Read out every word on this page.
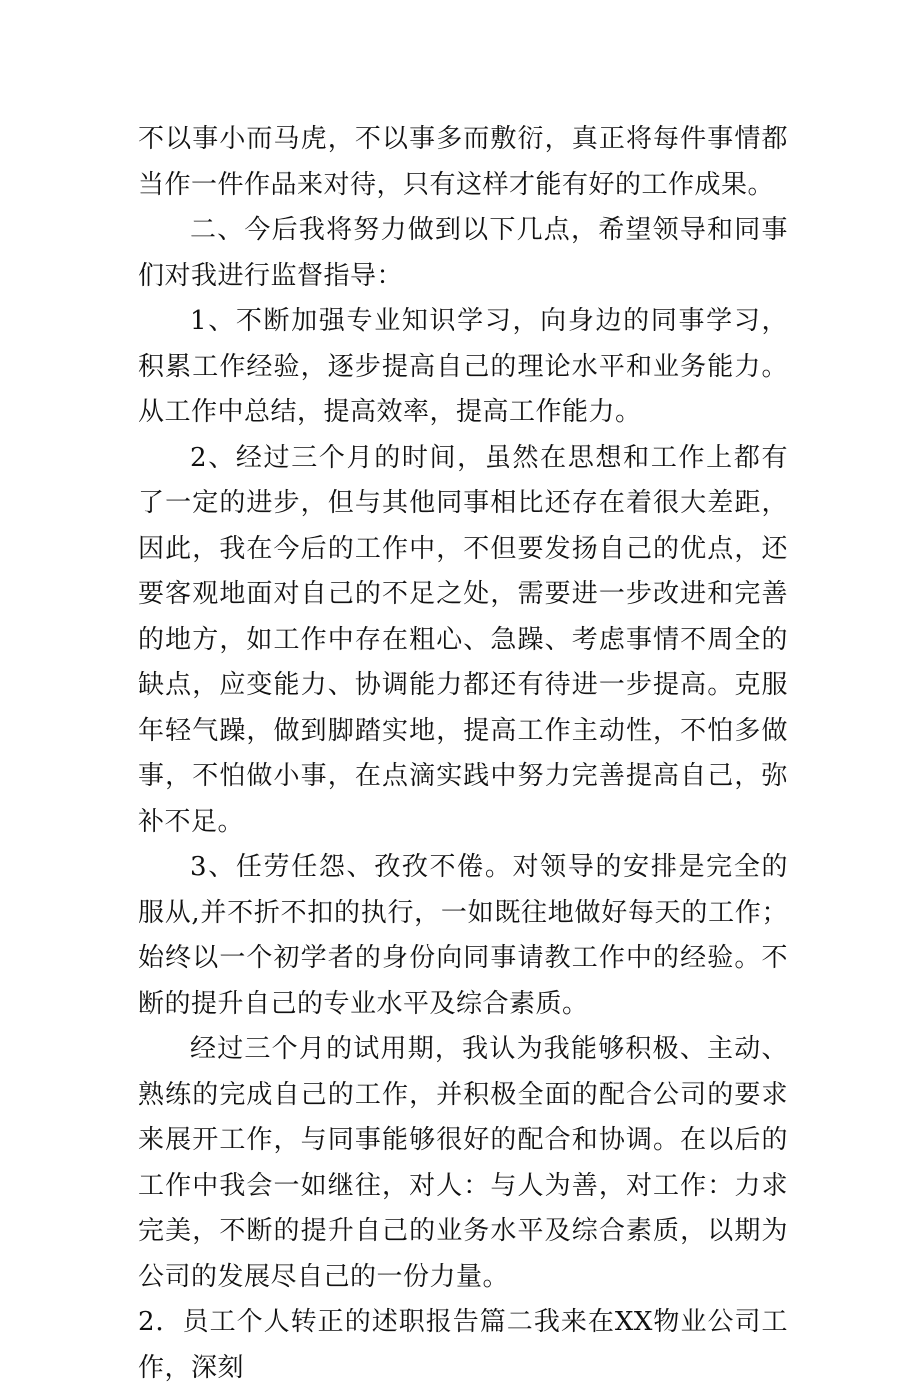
不以事小而马虎，不以事多而敷衍，真正将每件事情都当作一件作品来对待，只有这样才能有好的工作成果。

二、今后我将努力做到以下几点，希望领导和同事们对我进行监督指导：

1、不断加强专业知识学习，向身边的同事学习，积累工作经验，逐步提高自己的理论水平和业务能力。从工作中总结，提高效率，提高工作能力。

2、经过三个月的时间，虽然在思想和工作上都有了一定的进步，但与其他同事相比还存在着很大差距，因此，我在今后的工作中，不但要发扬自己的优点，还要客观地面对自己的不足之处，需要进一步改进和完善的地方，如工作中存在粗心、急躁、考虑事情不周全的缺点，应变能力、协调能力都还有待进一步提高。克服年轻气躁，做到脚踏实地，提高工作主动性，不怕多做事，不怕做小事，在点滴实践中努力完善提高自己，弥补不足。

3、任劳任怨、孜孜不倦。对领导的安排是完全的服从,并不折不扣的执行，一如既往地做好每天的工作；始终以一个初学者的身份向同事请教工作中的经验。不断的提升自己的专业水平及综合素质。

经过三个月的试用期，我认为我能够积极、主动、熟练的完成自己的工作，并积极全面的配合公司的要求来展开工作，与同事能够很好的配合和协调。在以后的工作中我会一如继往，对人：与人为善，对工作：力求完美，不断的提升自己的业务水平及综合素质，以期为公司的发展尽自己的一份力量。

2．员工个人转正的述职报告篇二我来在XX物业公司工作，深刻
